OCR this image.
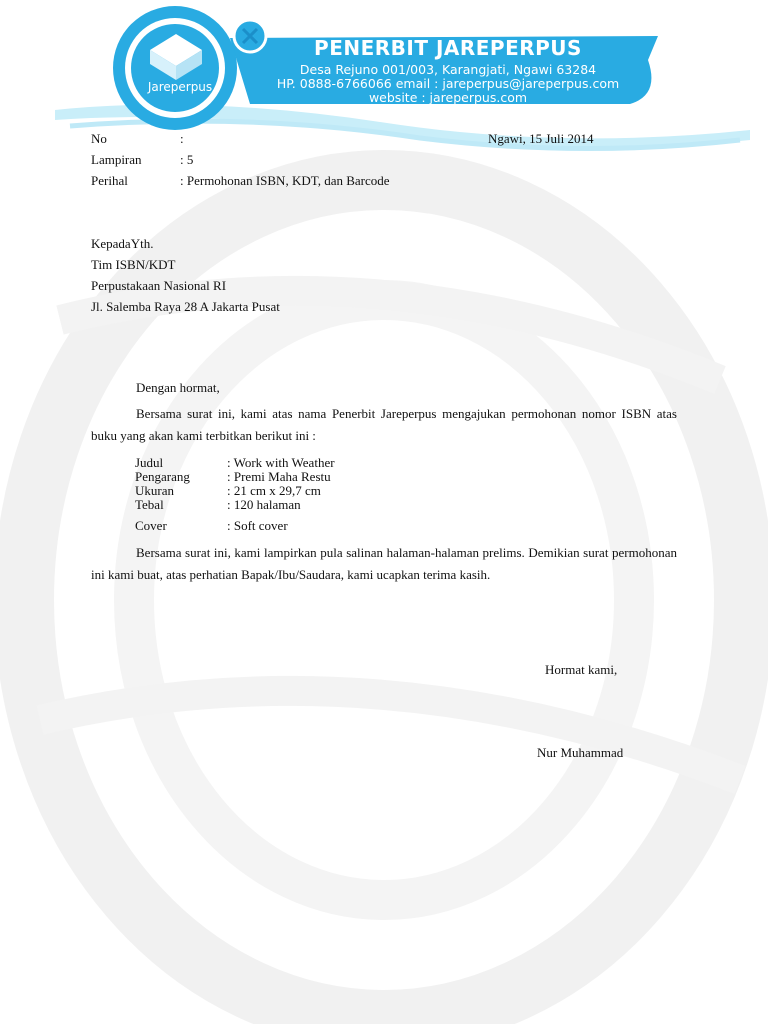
Jareperpus
PENERBIT JAREPERPUS
Desa Rejuno 001/003, Karangjati, Ngawi 63284
HP. 0888-6766066 email : jareperpus@jareperpus.com
website : jareperpus.com
No	:	Ngawi, 15 Juli 2014
Lampiran	: 5
Perihal	: Permohonan ISBN, KDT, dan Barcode
KepadaYth.
Tim ISBN/KDT
Perpustakaan Nasional RI
Jl. Salemba Raya 28 A Jakarta Pusat
Dengan hormat,
Bersama surat ini, kami atas nama Penerbit Jareperpus mengajukan permohonan nomor ISBN atas buku yang akan kami terbitkan berikut ini :
Judul	: Work with Weather
Pengarang	: Premi Maha Restu
Ukuran	: 21 cm x 29,7 cm
Tebal	: 120 halaman
Cover	: Soft cover
Bersama surat ini, kami lampirkan pula salinan halaman-halaman prelims. Demikian surat permohonan ini kami buat, atas perhatian Bapak/Ibu/Saudara, kami ucapkan terima kasih.
Hormat kami,
Nur Muhammad
